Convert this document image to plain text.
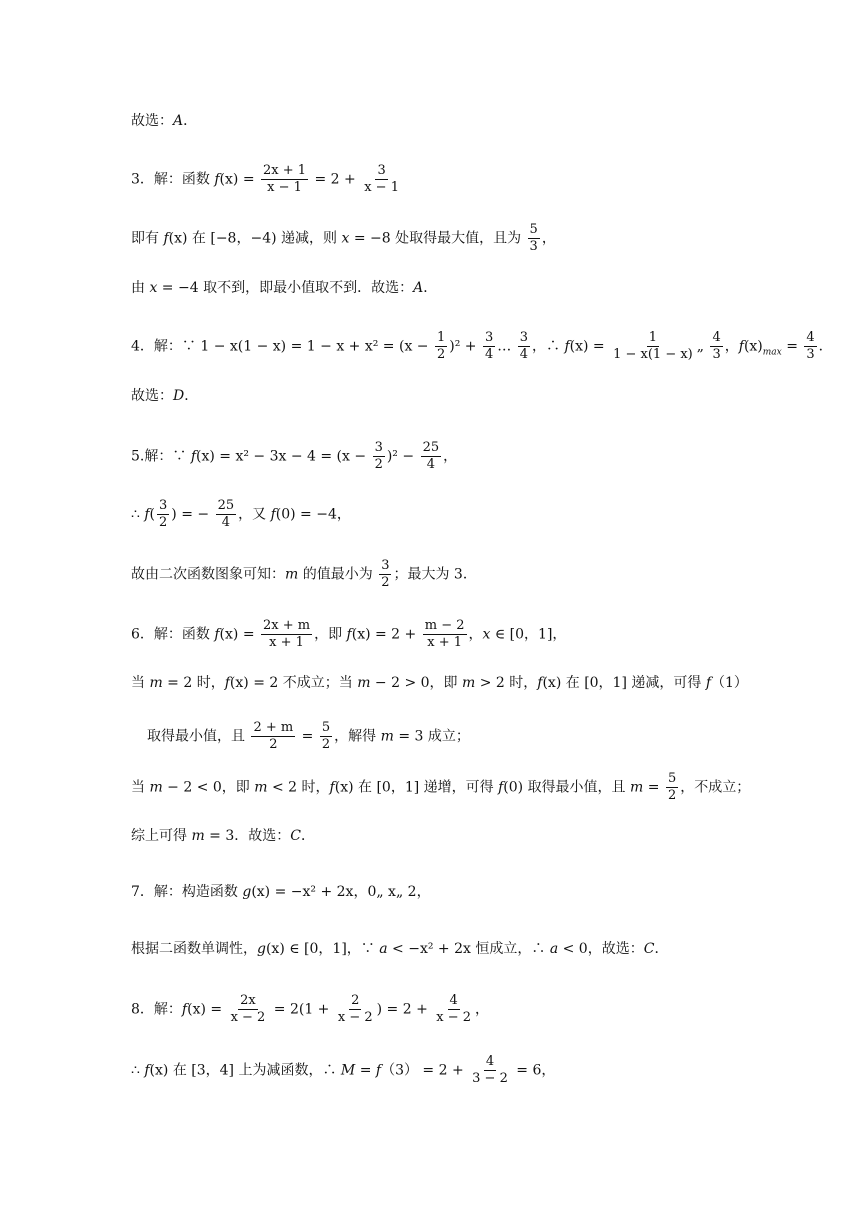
故选：A．
3．解：函数 $f(x) = \frac{2x + 1}{x - 1} = 2 + \frac{3}{x - 1}$
即有 f(x) 在 [−8，−4) 递减，则 x = −8 处取得最大值，且为 $\frac{5}{3}$ ，
由 x = −4 取不到，即最小值取不到．故选：A．
4．解：∵ $1 - x(1 - x) = 1 - x + x^2 = (x - \frac{1}{2} )^2 + \frac{3}{4}$ … $\frac{3}{4}$ ，∴ $f(x) = \frac{1}{1 - x(1 - x)}$ „ $\frac{4}{3}$ ，$f(x)_{max} = \frac{4}{3}$ ．
故选：D．
5.解：∵ $f(x) = x^2 - 3x - 4 = (x - \frac{3}{2} )^2 - \frac{25}{4}$ ，
∴ $f( \frac{3}{2}$ ) = − $\frac{25}{4}$ ，又 f(0) = −4，
故由二次函数图象可知：m 的值最小为 $\frac{3}{2}$ ；最大为 3．
6．解：函数 $f(x) = \frac{2x + m}{x + 1}$ ，即 $f(x) = 2 + \frac{m - 2}{x + 1}$ ，x ∈ [0，1]，
当 m = 2 时，f(x) = 2 不成立；当 m − 2 > 0，即 m > 2 时，f(x) 在 [0，1] 递减，可得 f（1）
取得最小值，且 $\frac{2 + m}{2} = \frac{5}{2}$ ，解得 m = 3 成立；
当 m − 2 < 0，即 m < 2 时，f(x) 在 [0，1] 递增，可得 f(0) 取得最小值，且 $m = \frac{5}{2}$ ，不成立；
综上可得 m = 3．故选：C．
7．解：构造函数 g(x) = −x² + 2x，0„ x„ 2，
根据二函数单调性，g(x) ∈ [0，1]，∵ a < −x² + 2x 恒成立，∴ a < 0，故选：C．
8．解：$f(x) = \frac{2x}{x - 2} = 2(1 + \frac{2}{x - 2}$ ) = $2 + \frac{4}{x - 2}$ ，
∴ f(x) 在 [3，4] 上为减函数，∴ $M = f(3) = 2 + \frac{4}{3 - 2} = 6$，
